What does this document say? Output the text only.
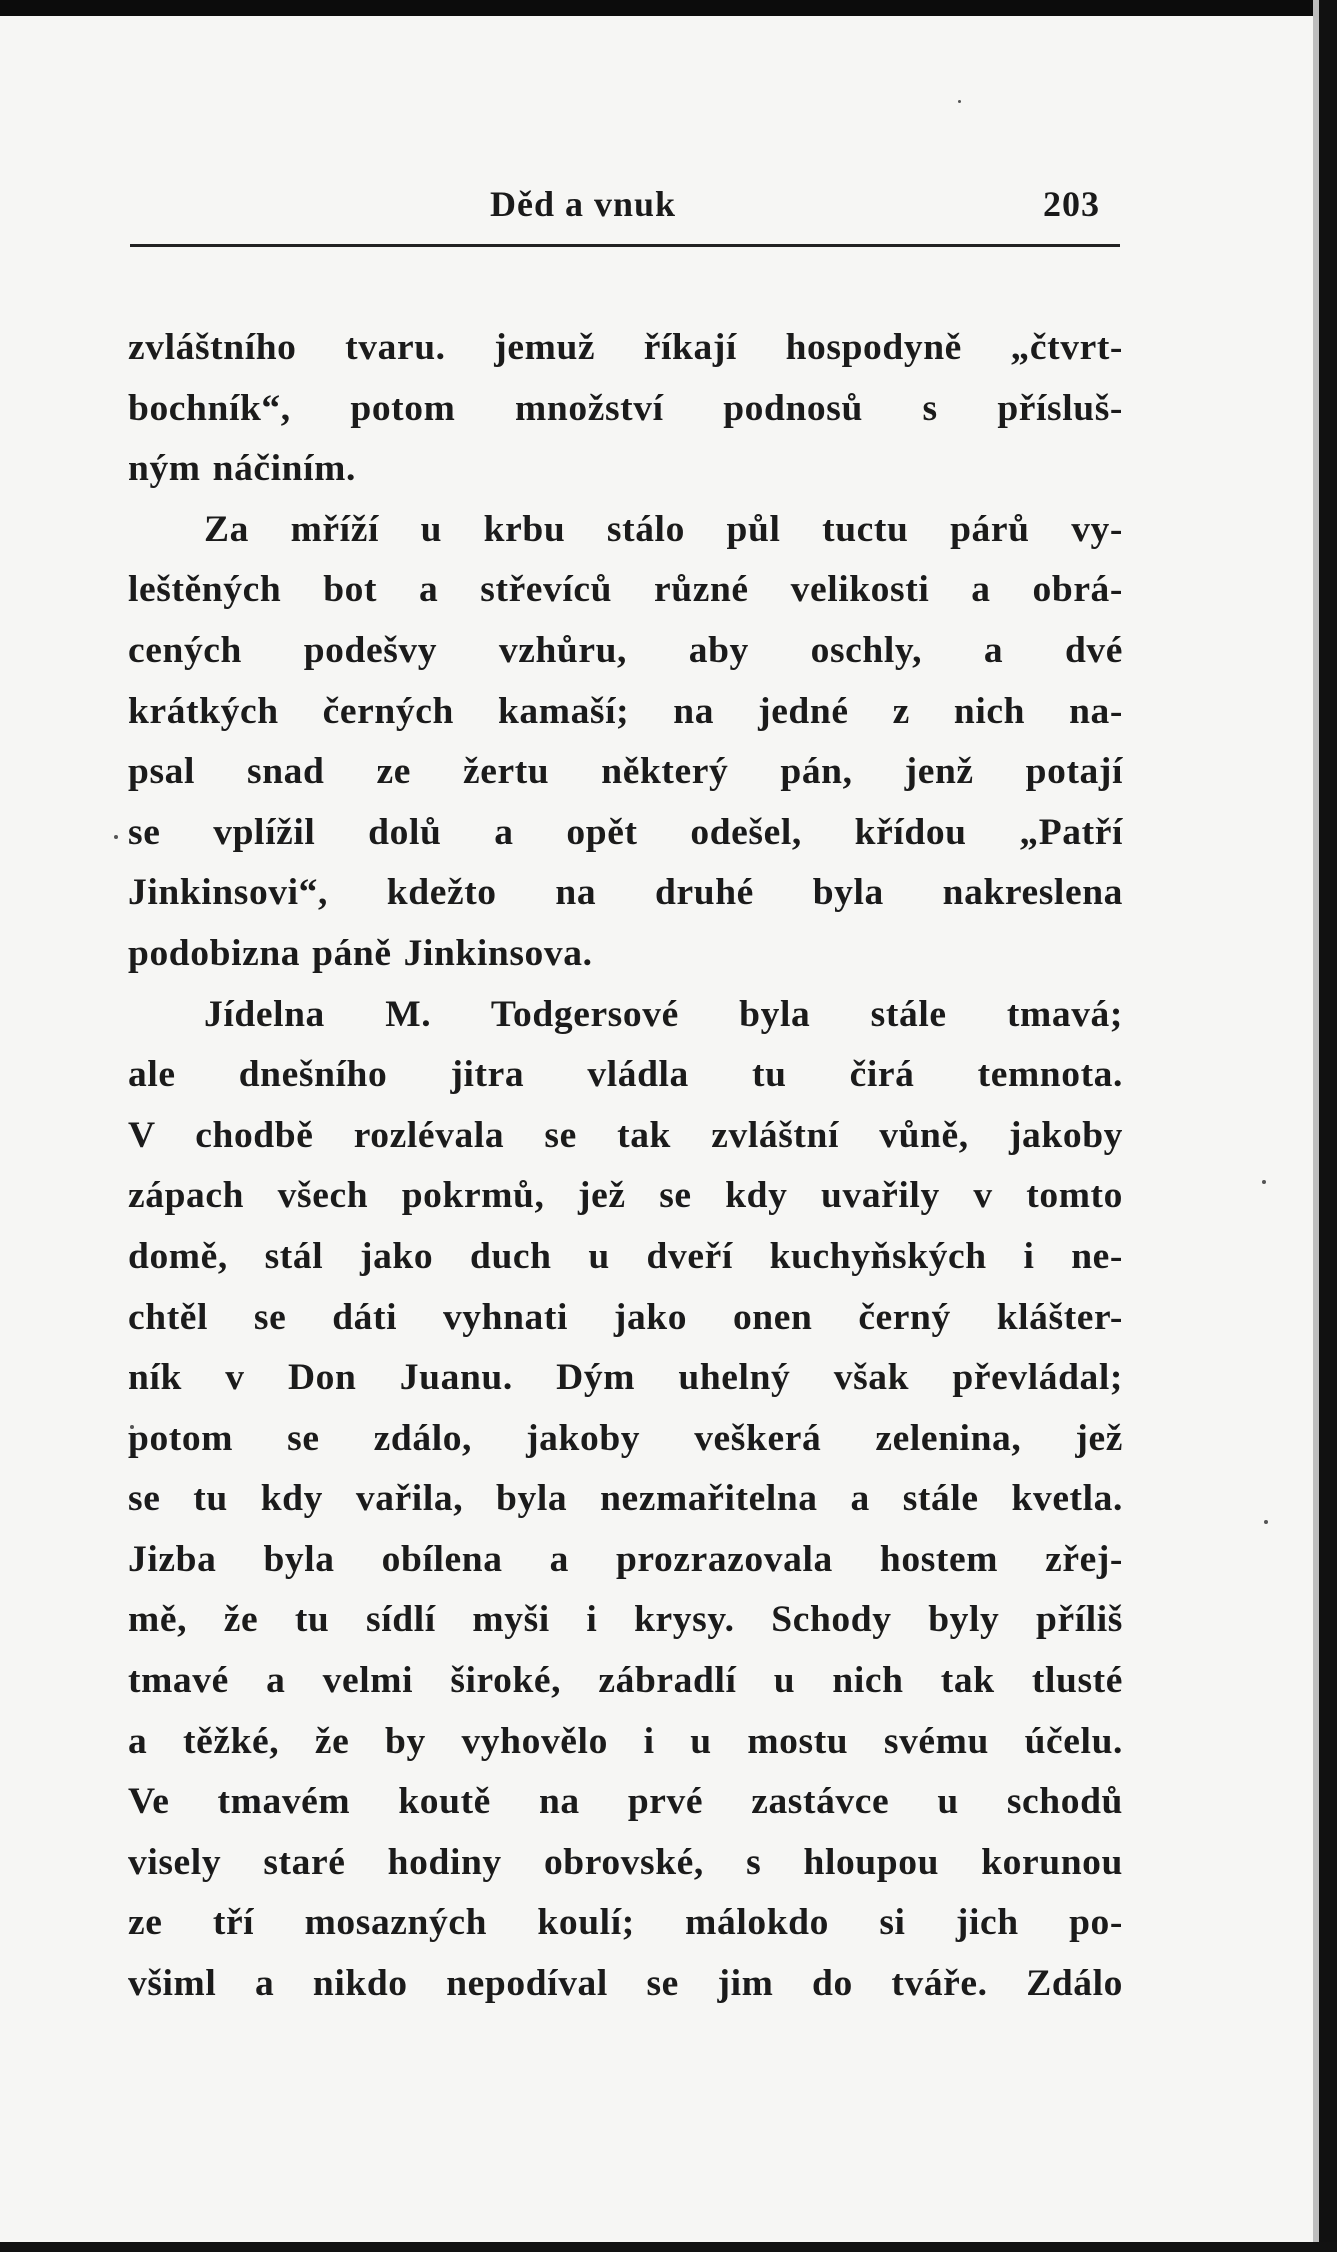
Děd a vnuk	203
zvláštního tvaru. jemuž říkají hospodyně „čtvrt-
bochník“, potom množství podnosů s přísluš-
ným náčiním.
Za mříží u krbu stálo půl tuctu párů vy-
leštěných bot a střevíců různé velikosti a obrá-
cených podešvy vzhůru, aby oschly, a dvé
krátkých černých kamaší; na jedné z nich na-
psal snad ze žertu některý pán, jenž potají
se vplížil dolů a opět odešel, křídou „Patří
Jinkinsovi“, kdežto na druhé byla nakreslena
podobizna páně Jinkinsova.
Jídelna M. Todgersové byla stále tmavá;
ale dnešního jitra vládla tu čirá temnota.
V chodbě rozlévala se tak zvláštní vůně, jakoby
zápach všech pokrmů, jež se kdy uvařily v tomto
domě, stál jako duch u dveří kuchyňských i ne-
chtěl se dáti vyhnati jako onen černý klášter-
ník v Don Juanu. Dým uhelný však převládal;
potom se zdálo, jakoby veškerá zelenina, jež
se tu kdy vařila, byla nezmařitelna a stále kvetla.
Jizba byla obílena a prozrazovala hostem zřej-
mě, že tu sídlí myši i krysy. Schody byly příliš
tmavé a velmi široké, zábradlí u nich tak tlusté
a těžké, že by vyhovělo i u mostu svému účelu.
Ve tmavém koutě na prvé zastávce u schodů
visely staré hodiny obrovské, s hloupou korunou
ze tří mosazných koulí; málokdo si jich po-
všiml a nikdo nepodíval se jim do tváře. Zdálo
